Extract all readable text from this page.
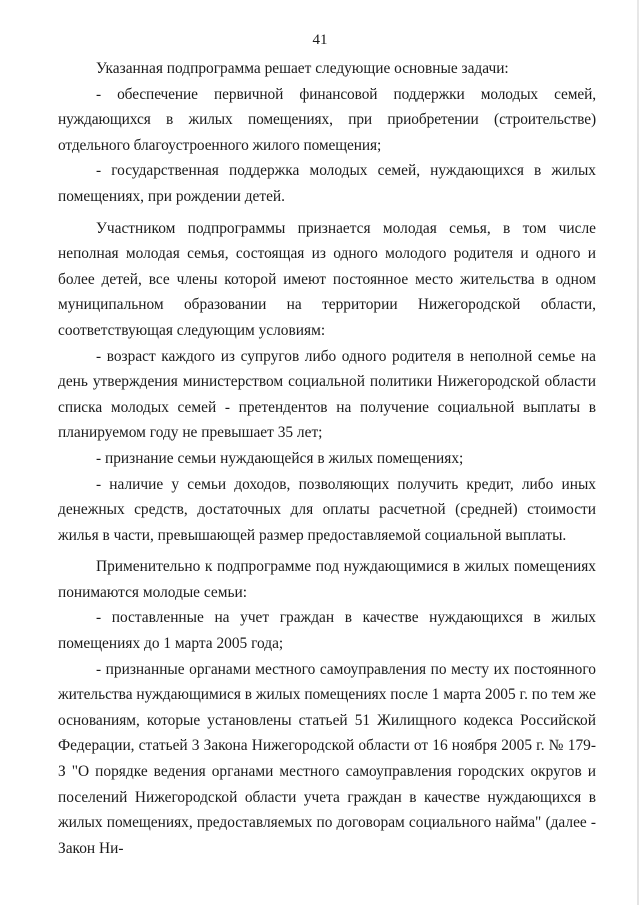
41

Указанная подпрограмма решает следующие основные задачи:

- обеспечение первичной финансовой поддержки молодых семей, нуждающихся в жилых помещениях, при приобретении (строительстве) отдельного благоустроенного жилого помещения;

- государственная поддержка молодых семей, нуждающихся в жилых помещениях, при рождении детей.

Участником подпрограммы признается молодая семья, в том числе неполная молодая семья, состоящая из одного молодого родителя и одного и более детей, все члены которой имеют постоянное место жительства в одном муниципальном образовании на территории Нижегородской области, соответствующая следующим условиям:

- возраст каждого из супругов либо одного родителя в неполной семье на день утверждения министерством социальной политики Нижегородской области списка молодых семей - претендентов на получение социальной выплаты в планируемом году не превышает 35 лет;

- признание семьи нуждающейся в жилых помещениях;

- наличие у семьи доходов, позволяющих получить кредит, либо иных денежных средств, достаточных для оплаты расчетной (средней) стоимости жилья в части, превышающей размер предоставляемой социальной выплаты.

Применительно к подпрограмме под нуждающимися в жилых помещениях понимаются молодые семьи:

- поставленные на учет граждан в качестве нуждающихся в жилых помещениях до 1 марта 2005 года;

- признанные органами местного самоуправления по месту их постоянного жительства нуждающимися в жилых помещениях после 1 марта 2005 г. по тем же основаниям, которые установлены статьей 51 Жилищного кодекса Российской Федерации, статьей 3 Закона Нижегородской области от 16 ноября 2005 г. № 179-З "О порядке ведения органами местного самоуправления городских округов и поселений Нижегородской области учета граждан в качестве нуждающихся в жилых помещениях, предоставляемых по договорам социального найма" (далее - Закон Ни-
